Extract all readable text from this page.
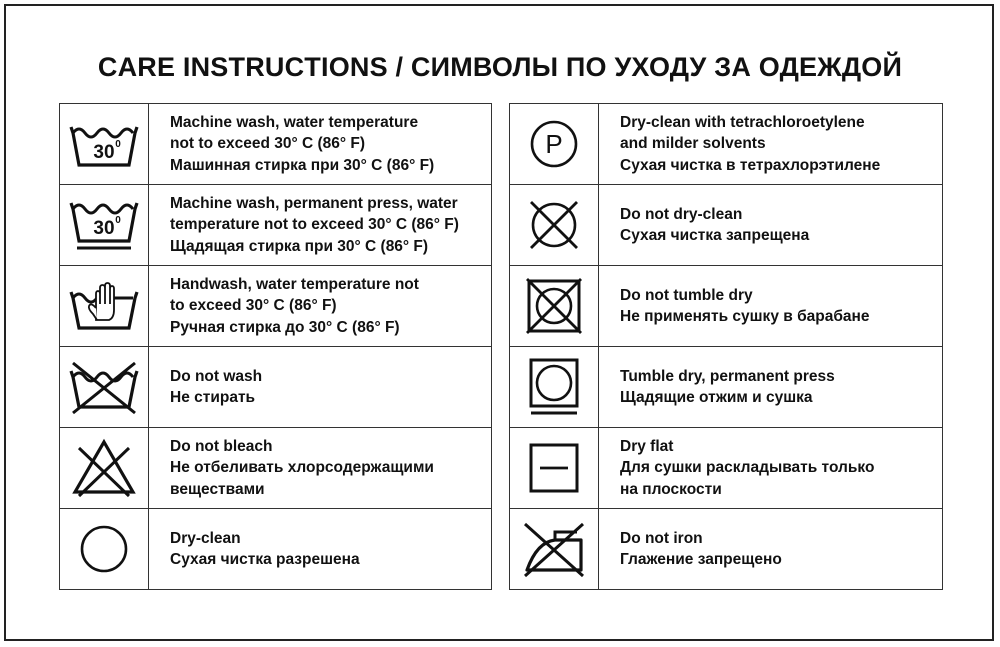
CARE INSTRUCTIONS / СИМВОЛЫ ПО УХОДУ ЗА ОДЕЖДОЙ
30 0
Machine wash, water temperature
not to exceed 30° C (86° F)
Машинная стирка при 30° C (86° F)
30 0
Machine wash, permanent press, water
temperature not to exceed 30° C (86° F)
Щадящая стирка при 30° C (86° F)
Handwash, water temperature not
to exceed 30° C (86° F)
Ручная стирка до 30° C (86° F)
Do not wash
Не стирать
Do not bleach
Не отбеливать хлорсодержащими
веществами
Dry-clean
Сухая чистка разрешена
P
Dry-clean with tetrachloroetylene
and milder solvents
Сухая чистка в тетрахлорэтилене
Do not dry-clean
Сухая чистка запрещена
Do not tumble dry
Не применять сушку в барабане
Tumble dry, permanent press
Щадящие отжим и сушка
Dry flat
Для сушки раскладывать только
на плоскости
Do not iron
Глажение запрещено
